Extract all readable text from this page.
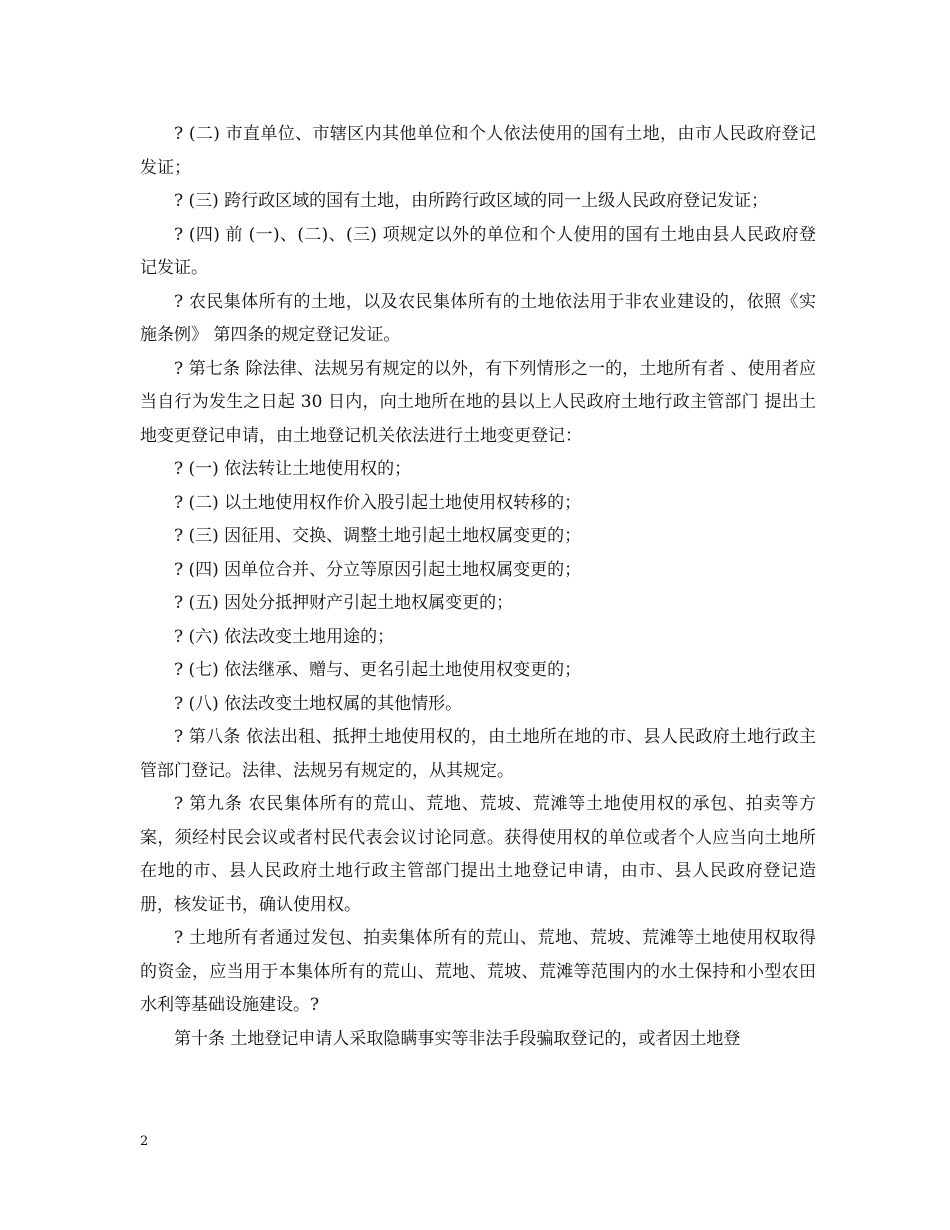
? (二) 市直单位、市辖区内其他单位和个人依法使用的国有土地，由市人民政府登记发证；

? (三) 跨行政区域的国有土地，由所跨行政区域的同一上级人民政府登记发证；

? (四) 前 (一)、(二)、(三) 项规定以外的单位和个人使用的国有土地由县人民政府登记发证。

? 农民集体所有的土地，以及农民集体所有的土地依法用于非农业建设的，依照《实施条例》 第四条的规定登记发证。

? 第七条 除法律、法规另有规定的以外，有下列情形之一的，土地所有者 、使用者应当自行为发生之日起 30 日内，向土地所在地的县以上人民政府土地行政主管部门 提出土地变更登记申请，由土地登记机关依法进行土地变更登记：

? (一) 依法转让土地使用权的；

? (二) 以土地使用权作价入股引起土地使用权转移的；

? (三) 因征用、交换、调整土地引起土地权属变更的；

? (四) 因单位合并、分立等原因引起土地权属变更的；

? (五) 因处分抵押财产引起土地权属变更的；

? (六) 依法改变土地用途的；

? (七) 依法继承、赠与、更名引起土地使用权变更的；

? (八) 依法改变土地权属的其他情形。

? 第八条 依法出租、抵押土地使用权的，由土地所在地的市、县人民政府土地行政主管部门登记。法律、法规另有规定的，从其规定。

? 第九条 农民集体所有的荒山、荒地、荒坡、荒滩等土地使用权的承包、拍卖等方案，须经村民会议或者村民代表会议讨论同意。获得使用权的单位或者个人应当向土地所在地的市、县人民政府土地行政主管部门提出土地登记申请，由市、县人民政府登记造册，核发证书，确认使用权。

? 土地所有者通过发包、拍卖集体所有的荒山、荒地、荒坡、荒滩等土地使用权取得的资金，应当用于本集体所有的荒山、荒地、荒坡、荒滩等范围内的水土保持和小型农田水利等基础设施建设。?

第十条 土地登记申请人采取隐瞒事实等非法手段骗取登记的，或者因土地登

2
